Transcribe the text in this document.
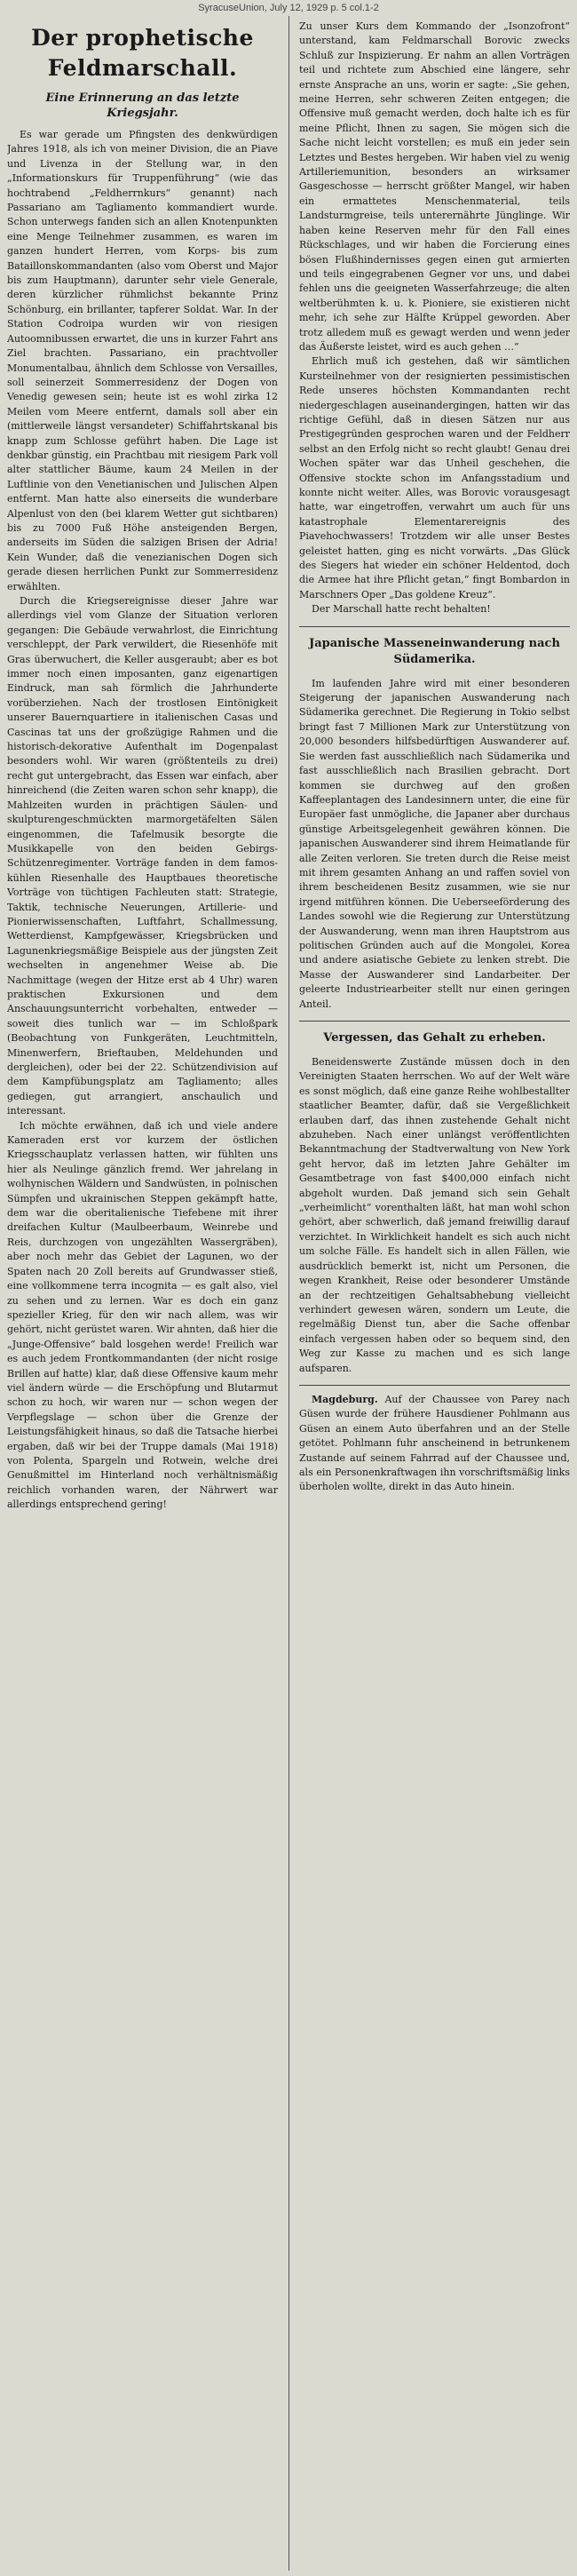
SyracuseUnion, July 12, 1929 p. 5 col.1-2
Der prophetische Feldmarschall.
Eine Erinnerung an das letzte Kriegsjahr.

Es war gerade um Pfingsten des denkwürdigen Jahres 1918, als ich von meiner Division, die an Piave und Livenza in der Stellung war, in den „Informationskurs für Truppenführung“ (wie das hochtrabend „Feldherrnkurs“ genannt) nach Passariano am Tagliamento kommandiert wurde. Schon unterwegs fanden sich an allen Knotenpunkten eine Menge Teilnehmer zusammen, es waren im ganzen hundert Herren, vom Korps- bis zum Bataillonskommandanten (also vom Oberst und Major bis zum Hauptmann), darunter sehr viele Generale, deren kürzlicher rühmlichst bekannte Prinz Schönburg, ein brillanter, tapferer Soldat. War. In der Station Codroipa wurden wir von riesigen Autoomnibussen erwartet, die uns in kurzer Fahrt ans Ziel brachten. Passariano, ein prachtvoller Monumentalbau, ähnlich dem Schlosse von Versailles, soll seinerzeit Sommerresidenz der Dogen von Venedig gewesen sein; heute ist es wohl zirka 12 Meilen vom Meere entfernt, damals soll aber ein (mittlerweile längst versandeter) Schiffahrtskanal bis knapp zum Schlosse geführt haben. Die Lage ist denkbar günstig, ein Prachtbau mit riesigem Park voll alter stattlicher Bäume, kaum 24 Meilen in der Luftlinie von den Venetianischen und Julischen Alpen entfernt. Man hatte also einerseits die wunderbare Alpenlust von den (bei klarem Wetter gut sichtbaren) bis zu 7000 Fuß Höhe ansteigenden Bergen, anderseits im Süden die salzigen Brisen der Adria! Kein Wunder, daß die venezianischen Dogen sich gerade diesen herrlichen Punkt zur Sommerresidenz erwählten.

Durch die Kriegsereignisse dieser Jahre war allerdings viel vom Glanze der Situation verloren gegangen: Die Gebäude verwahrlost, die Einrichtung verschleppt, der Park verwildert, die Riesenhöfe mit Gras überwuchert, die Keller ausgeraubt; aber es bot immer noch einen imposanten, ganz eigenartigen Eindruck, man sah förmlich die Jahrhunderte vorüberziehen. Nach der trostlosen Eintönigkeit unserer Bauernquartiere in italienischen Casas und Cascinas tat uns der großzügige Rahmen und die historisch-dekorative Aufenthalt im Dogenpalast besonders wohl. Wir waren (größtenteils zu drei) recht gut untergebracht, das Essen war einfach, aber hinreichend (die Zeiten waren schon sehr knapp), die Mahlzeiten wurden in prächtigen Säulen- und skulpturengeschmückten marmorgetäfelten Sälen eingenommen, die Tafelmusik besorgte die Musikkapelle von den beiden Gebirgs-Schützenregimenter. Vorträge fanden in dem famos-kühlen Riesenhalle des Hauptbaues theoretische Vorträge von tüchtigen Fachleuten statt: Strategie, Taktik, technische Neuerungen, Artillerie- und Pionierwissenschaften, Luftfahrt, Schallmessung, Wetterdienst, Kampfgewässer, Kriegsbrücken und Lagunenkriegsmäßige Beispiele aus der jüngsten Zeit wechselten in angenehmer Weise ab. Die Nachmittage (wegen der Hitze erst ab 4 Uhr) waren praktischen Exkursionen und dem Anschauungsunterricht vorbehalten, entweder — soweit dies tunlich war — im Schloßpark (Beobachtung von Funkgeräten, Leuchtmitteln, Minenwerfern, Brieftauben, Meldehunden und dergleichen), oder bei der 22. Schützendivision auf dem Kampfübungsplatz am Tagliamento; alles gediegen, gut arrangiert, anschaulich und interessant.

Ich möchte erwähnen, daß ich und viele andere Kameraden erst vor kurzem der östlichen Kriegsschauplatz verlassen hatten, wir fühlten uns hier als Neulinge gänzlich fremd. Wer jahrelang in wolhynischen Wäldern und Sandwüsten, in polnischen Sümpfen und ukrainischen Steppen gekämpft hatte, dem war die oberitalienische Tiefebene mit ihrer dreifachen Kultur (Maulbeerbaum, Weinrebe und Reis, durchzogen von ungezählten Wassergräben), aber noch mehr das Gebiet der Lagunen, wo der Spaten nach 20 Zoll bereits auf Grundwasser stieß, eine vollkommene terra incognita — es galt also, viel zu sehen und zu lernen. War es doch ein ganz spezieller Krieg, für den wir nach allem, was wir gehört, nicht gerüstet waren. Wir ahnten, daß hier die „Junge-Offensive“ bald losgehen werde! Freilich war es auch jedem Frontkommandanten (der nicht rosige Brillen auf hatte) klar, daß diese Offensive kaum mehr viel ändern würde — die Erschöpfung und Blutarmut schon zu hoch, wir waren nur — schon wegen der Verpflegslage — schon über die Grenze der Leistungsfähigkeit hinaus, so daß die Tatsache hierbei ergaben, daß wir bei der Truppe damals (Mai 1918) von Polenta, Spargeln und Rotwein, welche drei Genußmittel im Hinterland noch verhältnismäßig reichlich vorhanden waren, der Nährwert war allerdings entsprechend gering!

Zu unser Kurs dem Kommando der „Isonzofront“ unterstand, kam Feldmarschall Borovic zwecks Schluß zur Inspizierung. Er nahm an allen Vorträgen teil und richtete zum Abschied eine längere, sehr ernste Ansprache an uns, worin er sagte: „Sie gehen, meine Herren, sehr schweren Zeiten entgegen; die Offensive muß gemacht werden, doch halte ich es für meine Pflicht, Ihnen zu sagen, Sie mögen sich die Sache nicht leicht vorstellen; es muß ein jeder sein Letztes und Bestes hergeben. Wir haben viel zu wenig Artilleriemunition, besonders an wirksamer Gasgeschosse — herrscht größter Mangel, wir haben ein ermattetes Menschenmaterial, teils Landsturmgreise, teils unterernährte Jünglinge. Wir haben keine Reserven mehr für den Fall eines Rückschlages, und wir haben die Forcierung eines bösen Flußhindernisses gegen einen gut armierten und teils eingegrabenen Gegner vor uns, und dabei fehlen uns die geeigneten Wasserfahrzeuge; die alten weltberühmten k. u. k. Pioniere, sie existieren nicht mehr, ich sehe zur Hälfte Krüppel geworden. Aber trotz alledem muß es gewagt werden und wenn jeder das Äußerste leistet, wird es auch gehen …“

Ehrlich muß ich gestehen, daß wir sämtlichen Kursteilnehmer von der resignierten pessimistischen Rede unseres höchsten Kommandanten recht niedergeschlagen auseinandergingen, hatten wir das richtige Gefühl, daß in diesen Sätzen nur aus Prestigegründen gesprochen waren und der Feldherr selbst an den Erfolg nicht so recht glaubt! Genau drei Wochen später war das Unheil geschehen, die Offensive stockte schon im Anfangsstadium und konnte nicht weiter. Alles, was Borovic vorausgesagt hatte, war eingetroffen, verwahrt um auch für uns katastrophale Elementarereignis des Piavehochwassers! Trotzdem wir alle unser Bestes geleistet hatten, ging es nicht vorwärts. „Das Glück des Siegers hat wieder ein schöner Heldentod, doch die Armee hat ihre Pflicht getan,“ fingt Bombardon in Marschners Oper „Das goldene Kreuz“.

Der Marschall hatte recht behalten!

Japanische Masseneinwanderung nach Südamerika.

Im laufenden Jahre wird mit einer besonderen Steigerung der japanischen Auswanderung nach Südamerika gerechnet. Die Regierung in Tokio selbst bringt fast 7 Millionen Mark zur Unterstützung von 20,000 besonders hilfsbedürftigen Auswanderer auf. Sie werden fast ausschließlich nach Südamerika und fast ausschließlich nach Brasilien gebracht. Dort kommen sie durchweg auf den großen Kaffeeplantagen des Landesinnern unter, die eine für Europäer fast unmögliche, die Japaner aber durchaus günstige Arbeitsgelegenheit gewähren können. Die japanischen Auswanderer sind ihrem Heimatlande für alle Zeiten verloren. Sie treten durch die Reise meist mit ihrem gesamten Anhang an und raffen soviel von ihrem bescheidenen Besitz zusammen, wie sie nur irgend mitführen können. Die Ueberseeförderung des Landes sowohl wie die Regierung zur Unterstützung der Auswanderung, wenn man ihren Hauptstrom aus politischen Gründen auch auf die Mongolei, Korea und andere asiatische Gebiete zu lenken strebt. Die Masse der Auswanderer sind Landarbeiter. Der geleerte Industriearbeiter stellt nur einen geringen Anteil.

Vergessen, das Gehalt zu erheben.

Beneidenswerte Zustände müssen doch in den Vereinigten Staaten herrschen. Wo auf der Welt wäre es sonst möglich, daß eine ganze Reihe wohlbestallter staatlicher Beamter, dafür, daß sie Vergeßlichkeit erlauben darf, das ihnen zustehende Gehalt nicht abzuheben. Nach einer unlängst veröffentlichten Bekanntmachung der Stadtverwaltung von New York geht hervor, daß im letzten Jahre Gehälter im Gesamtbetrage von fast $400,000 einfach nicht abgeholt wurden. Daß jemand sich sein Gehalt „verheimlicht“ vorenthalten läßt, hat man wohl schon gehört, aber schwerlich, daß jemand freiwillig darauf verzichtet. In Wirklichkeit handelt es sich auch nicht um solche Fälle. Es handelt sich in allen Fällen, wie ausdrücklich bemerkt ist, nicht um Personen, die wegen Krankheit, Reise oder besonderer Umstände an der rechtzeitigen Gehaltsabhebung vielleicht verhindert gewesen wären, sondern um Leute, die regelmäßig Dienst tun, aber die Sache offenbar einfach vergessen haben oder so bequem sind, den Weg zur Kasse zu machen und es sich lange aufsparen.

Magdeburg. Auf der Chaussee von Parey nach Güsen wurde der frühere Hausdiener Pohlmann aus Güsen an einem Auto überfahren und an der Stelle getötet. Pohlmann fuhr anscheinend in betrunkenem Zustande auf seinem Fahrrad auf der Chaussee und, als ein Personenkraftwagen ihn vorschriftsmäßig links überholen wollte, direkt in das Auto hinein.
